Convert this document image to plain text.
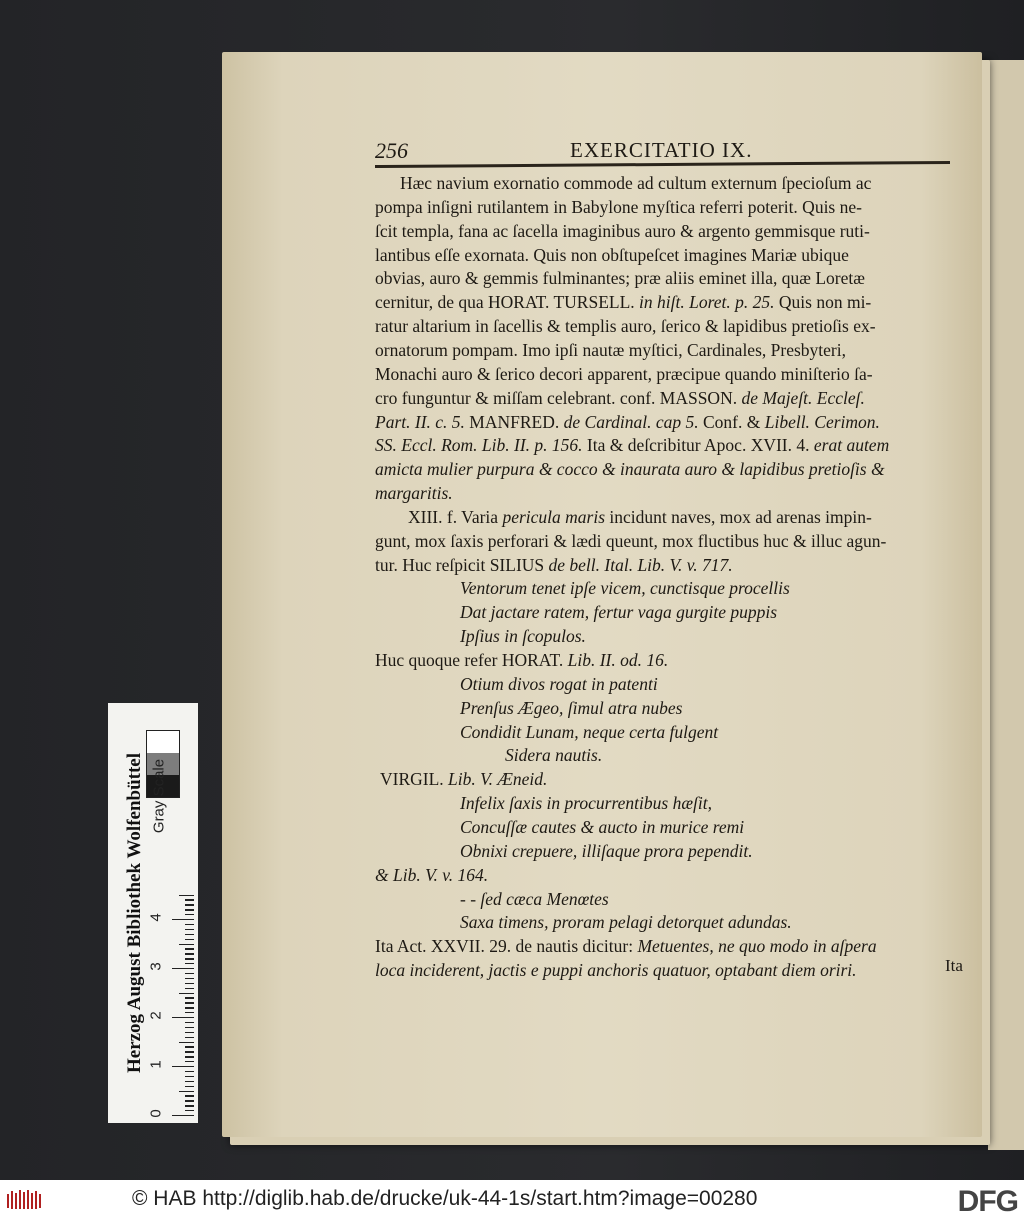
256	EXERCITATIO IX.
Hæc navium exornatio commode ad cultum externum ſpecioſum ac
pompa inſigni rutilantem in Babylone myſtica referri poterit. Quis ne-
ſcit templa, fana ac ſacella imaginibus auro & argento gemmisque ruti-
lantibus eſſe exornata. Quis non obſtupeſcet imagines Mariæ ubique
obvias, auro & gemmis fulminantes; præ aliis eminet illa, quæ Loretæ
cernitur, de qua HORAT. TURSELL. in hiſt. Loret. p. 25. Quis non mi-
ratur altarium in ſacellis & templis auro, ſerico & lapidibus pretioſis ex-
ornatorum pompam. Imo ipſi nautæ myſtici, Cardinales, Presbyteri,
Monachi auro & ſerico decori apparent, præcipue quando miniſterio ſa-
cro funguntur & miſſam celebrant. conf. MASSON. de Majeſt. Eccleſ.
Part. II. c. 5. MANFRED. de Cardinal. cap 5. Conf. & Libell. Cerimon.
SS. Eccl. Rom. Lib. II. p. 156. Ita & deſcribitur Apoc. XVII. 4. erat autem
amicta mulier purpura & cocco & inaurata auro & lapidibus pretioſis &
margaritis.
XIII. f. Varia pericula maris incidunt naves, mox ad arenas impin-
gunt, mox ſaxis perforari & lædi queunt, mox fluctibus huc & illuc agun-
tur. Huc reſpicit SILIUS de bell. Ital. Lib. V. v. 717.
Ventorum tenet ipſe vicem, cunctisque procellis
Dat jactare ratem, fertur vaga gurgite puppis
Ipſius in ſcopulos.
Huc quoque refer HORAT. Lib. II. od. 16.
Otium divos rogat in patenti
Prenſus Ægeo, ſimul atra nubes
Condidit Lunam, neque certa fulgent
Sidera nautis.
VIRGIL. Lib. V. Æneid.
Infelix ſaxis in procurrentibus hæſit,
Concuſſæ cautes & aucto in murice remi
Obnixi crepuere, illiſaque prora pependit.
& Lib. V. v. 164.
- - ſed cæca Menœtes
Saxa timens, proram pelagi detorquet adundas.
Ita Act. XXVII. 29. de nautis dicitur: Metuentes, ne quo modo in aſpera
loca inciderent, jactis e puppi anchoris quatuor, optabant diem oriri.	Ita
Herzog August Bibliothek Wolfenbüttel Gray Scale
0
1
2
3
4
© HAB http://diglib.hab.de/drucke/uk-44-1s/start.htm?image=00280	DFG
